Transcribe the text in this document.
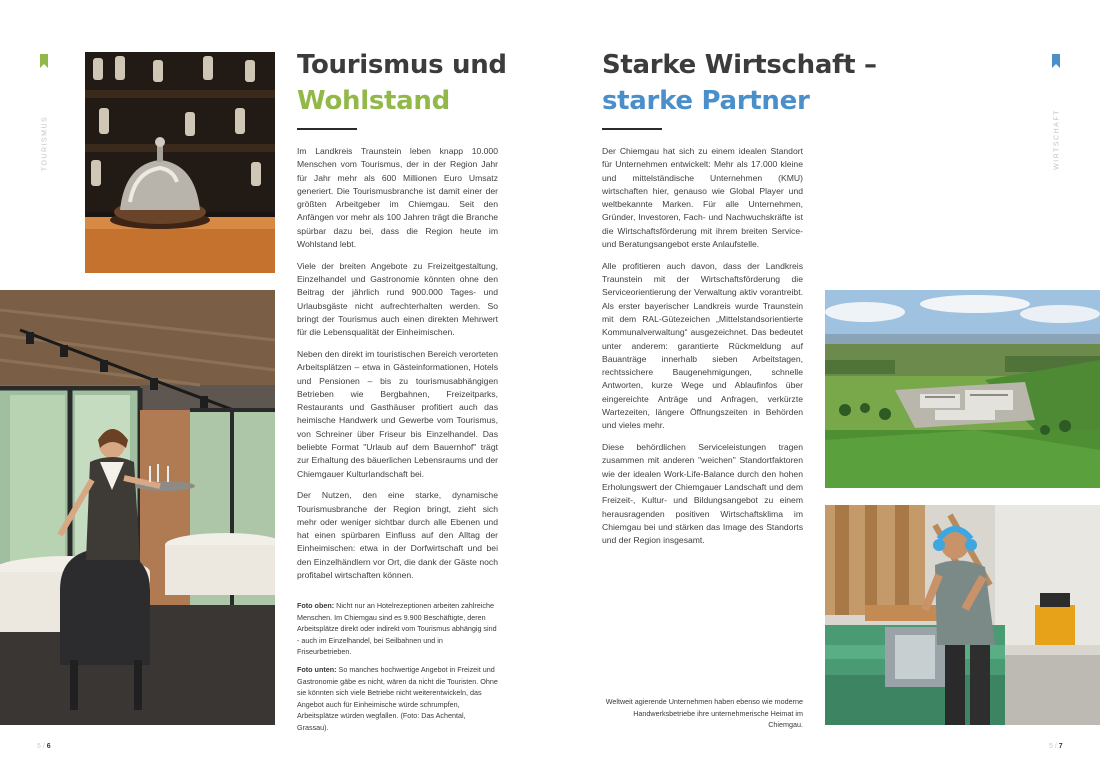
TOURISMUS
Tourismus und
Wohlstand

Im Landkreis Traunstein leben knapp 10.000 Menschen vom Tourismus, der in der Region Jahr für Jahr mehr als 600 Millionen Euro Umsatz generiert. Die Tourismusbranche ist damit einer der größten Arbeitgeber im Chiemgau. Seit den Anfängen vor mehr als 100 Jahren trägt die Branche spürbar dazu bei, dass die Region heute im Wohlstand lebt.

Viele der breiten Angebote zu Freizeitgestaltung, Einzelhandel und Gastronomie könnten ohne den Beitrag der jährlich rund 900.000 Tages- und Urlaubsgäste nicht aufrechterhalten werden. So bringt der Tourismus auch einen direkten Mehrwert für die Lebensqualität der Einheimischen.

Neben den direkt im touristischen Bereich verorteten Arbeitsplätzen – etwa in Gästeinformationen, Hotels und Pensionen – bis zu tourismusabhängigen Betrieben wie Bergbahnen, Freizeitparks, Restaurants und Gasthäuser profitiert auch das heimische Handwerk und Gewerbe vom Tourismus, von Schreiner über Friseur bis Einzelhandel. Das beliebte Format "Urlaub auf dem Bauernhof" trägt zur Erhaltung des bäuerlichen Lebensraums und der Chiemgauer Kulturlandschaft bei.

Der Nutzen, den eine starke, dynamische Tourismusbranche der Region bringt, zieht sich mehr oder weniger sichtbar durch alle Ebenen und hat einen spürbaren Einfluss auf den Alltag der Einheimischen: etwa in der Dorfwirtschaft und bei den Einzelhändlern vor Ort, die dank der Gäste noch profitabel wirtschaften können.

Foto oben: Nicht nur an Hotelrezeptionen arbeiten zahlreiche Menschen. Im Chiemgau sind es 9.900 Beschäftigte, deren Arbeitsplätze direkt oder indirekt vom Tourismus abhängig sind - auch im Einzelhandel, bei Seilbahnen und in Friseurbetrieben.

Foto unten: So manches hochwertige Angebot in Freizeit und Gastronomie gäbe es nicht, wären da nicht die Touristen. Ohne sie könnten sich viele Betriebe nicht weiterentwickeln, das Angebot auch für Einheimische würde schrumpfen, Arbeitsplätze würden wegfallen. (Foto: Das Achental, Grassau).

5 / 6
WIRTSCHAFT
Starke Wirtschaft –
starke Partner

Der Chiemgau hat sich zu einem idealen Standort für Unternehmen entwickelt: Mehr als 17.000 kleine und mittelständische Unternehmen (KMU) wirtschaften hier, genauso wie Global Player und weltbekannte Marken. Für alle Unternehmen, Gründer, Investoren, Fach- und Nachwuchskräfte ist die Wirtschaftsförderung mit ihrem breiten Service- und Beratungsangebot erste Anlaufstelle.

Alle profitieren auch davon, dass der Landkreis Traunstein mit der Wirtschaftsförderung die Serviceorientierung der Verwaltung aktiv vorantreibt. Als erster bayerischer Landkreis wurde Traunstein mit dem RAL-Gütezeichen „Mittelstandsorientierte Kommunalverwaltung“ ausgezeichnet. Das bedeutet unter anderem: garantierte Rückmeldung auf Bauanträge innerhalb sieben Arbeitstagen, rechtssichere Baugenehmigungen, schnelle Antworten, kurze Wege und Ablaufinfos über eingereichte Anträge und Anfragen, verkürzte Wartezeiten, längere Öffnungszeiten in Behörden und vieles mehr.

Diese behördlichen Serviceleistungen tragen zusammen mit anderen "weichen" Standortfaktoren wie der idealen Work-Life-Balance durch den hohen Erholungswert der Chiemgauer Landschaft und dem Freizeit-, Kultur- und Bildungsangebot zu einem herausragenden positiven Wirtschaftsklima im Chiemgau bei und stärken das Image des Standorts und der Region insgesamt.

Weltweit agierende Unternehmen haben ebenso wie moderne Handwerksbetriebe ihre unternehmerische Heimat im Chiemgau.
5 / 7
